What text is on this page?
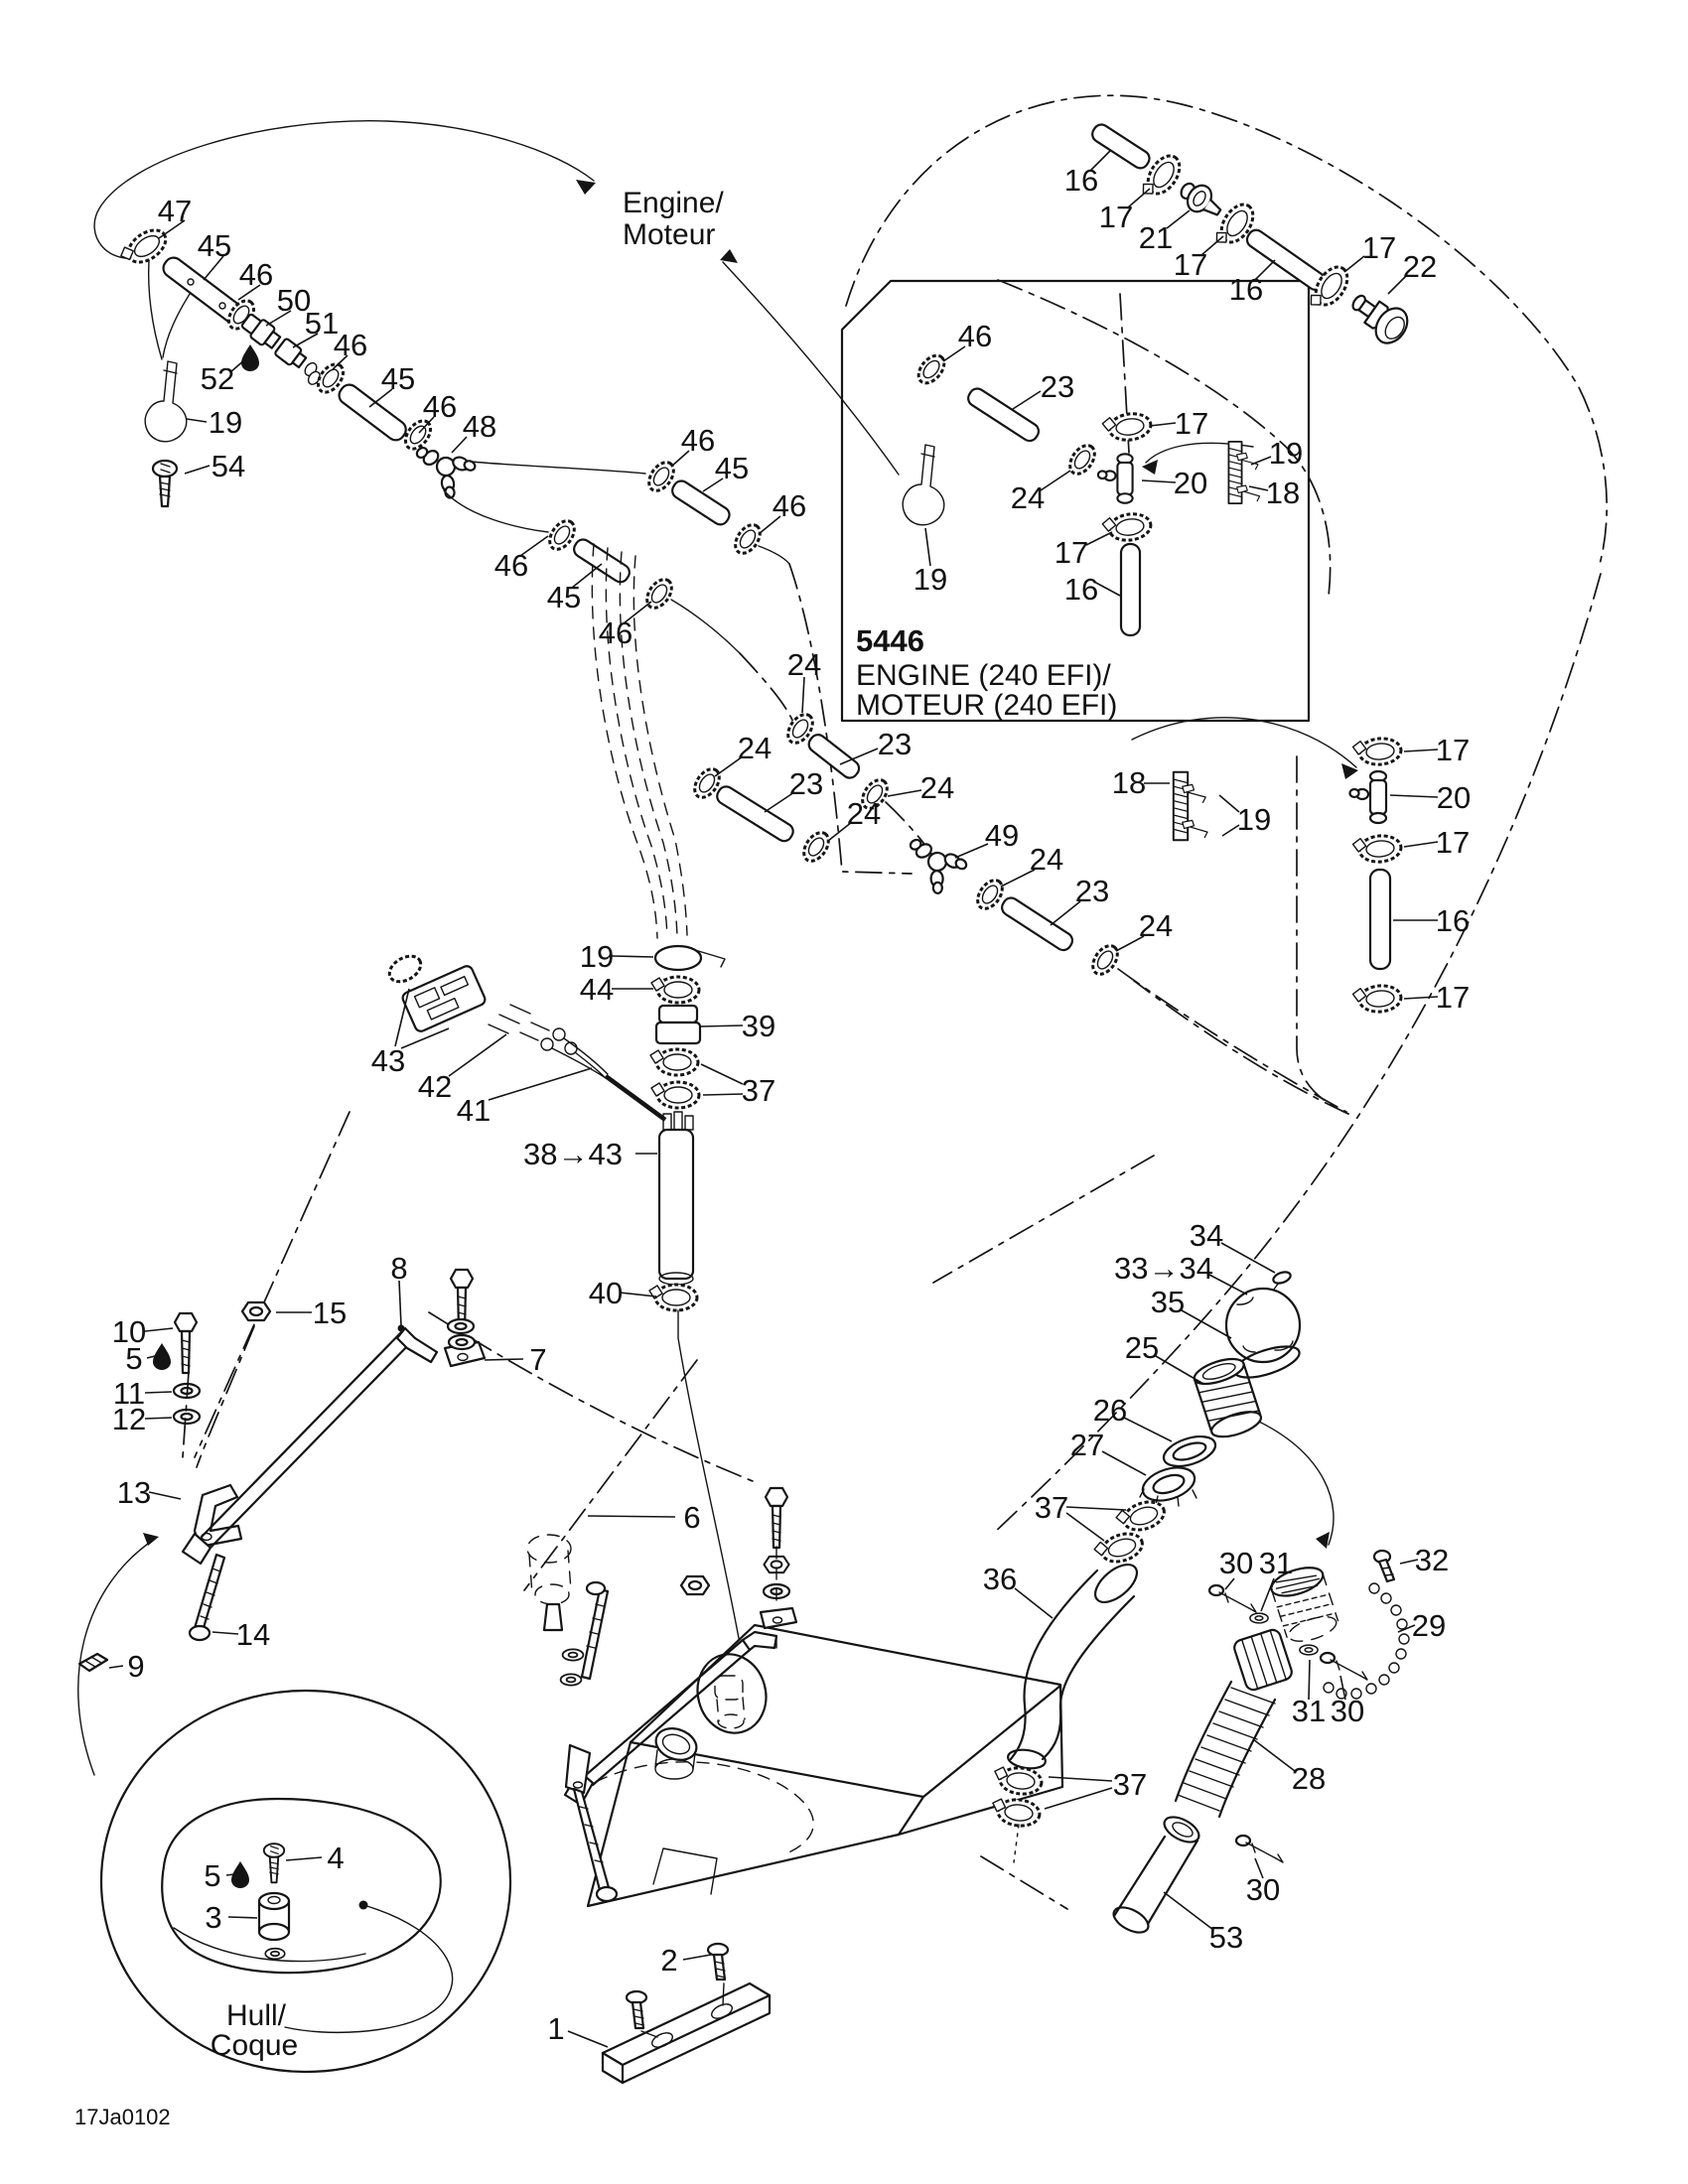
47
45
46
50
51
46
52	45
46
48
19
54
46
45
46
46
45
46
24
23
24
24
23
24
49
24
23
24
46
23
24
19
17
20
19
18
17
16
16
17
21
17
16
17
22
17
20
17
16
17
18
19
19
44
39
37
38→43
40
43
42
41
8
15
10
5
11
12
13
14
9
7
6
4
5
3
1
2
34
33→34
35
25
26
27
37
36	30 31	32
29
31 30
28
37
30
53
Engine/
Moteur
5446
ENGINE (240 EFI)/
MOTEUR (240 EFI)
Hull/
Coque
17Ja0102
